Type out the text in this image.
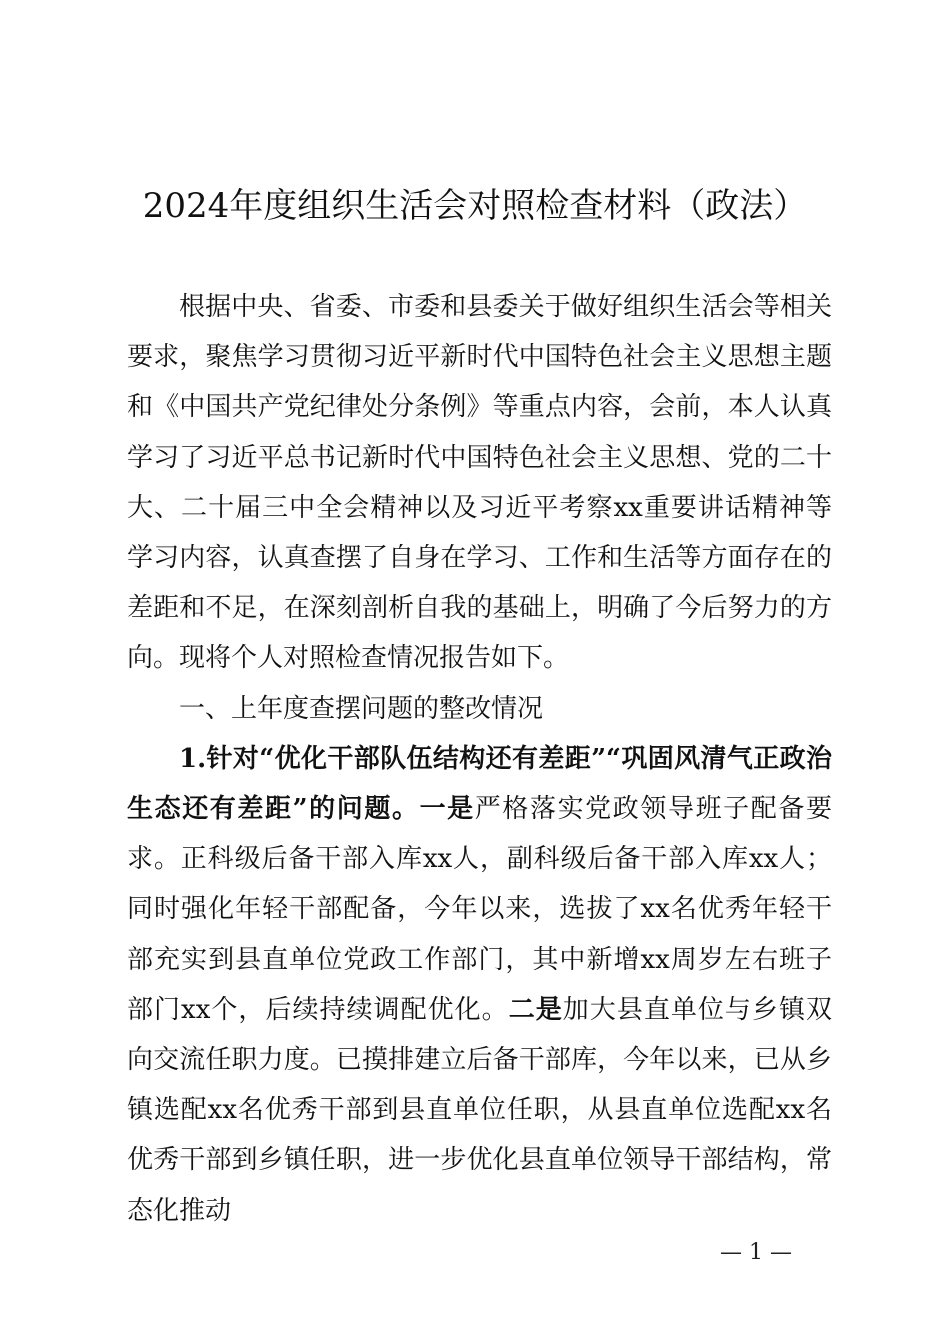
2024年度组织生活会对照检查材料（政法）

根据中央、省委、市委和县委关于做好组织生活会等相关要求，聚焦学习贯彻习近平新时代中国特色社会主义思想主题和《中国共产党纪律处分条例》等重点内容，会前，本人认真学习了习近平总书记新时代中国特色社会主义思想、党的二十大、二十届三中全会精神以及习近平考察xx重要讲话精神等学习内容，认真查摆了自身在学习、工作和生活等方面存在的差距和不足，在深刻剖析自我的基础上，明确了今后努力的方向。现将个人对照检查情况报告如下。

一、上年度查摆问题的整改情况

1.针对“优化干部队伍结构还有差距”“巩固风清气正政治生态还有差距”的问题。一是严格落实党政领导班子配备要求。正科级后备干部入库xx人，副科级后备干部入库xx人；同时强化年轻干部配备，今年以来，选拔了xx名优秀年轻干部充实到县直单位党政工作部门，其中新增xx周岁左右班子部门xx个，后续持续调配优化。二是加大县直单位与乡镇双向交流任职力度。已摸排建立后备干部库，今年以来，已从乡镇选配xx名优秀干部到县直单位任职，从县直单位选配xx名优秀干部到乡镇任职，进一步优化县直单位领导干部结构，常态化推动

— 1 —
